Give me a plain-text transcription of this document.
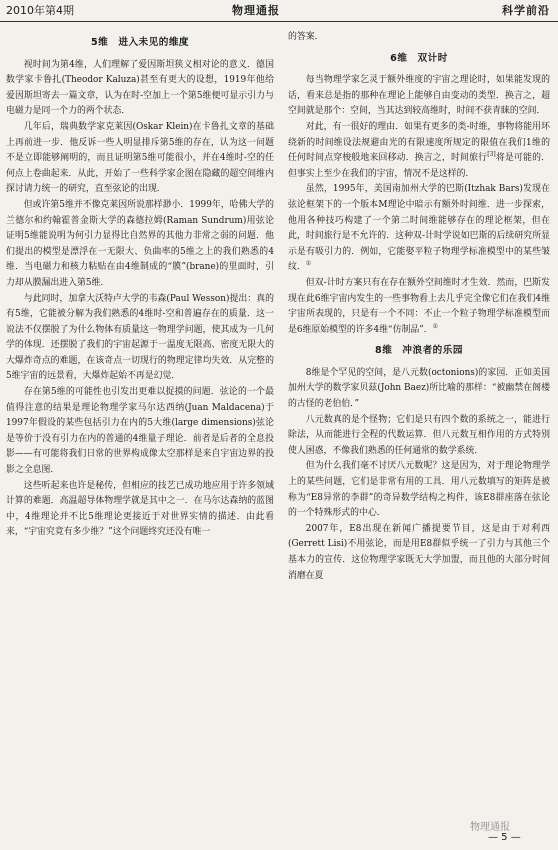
2010年第4期	物理通报	科学前沿
5维　进入未见的维度

视时间为第4维，人们理解了爱因斯坦狭义相对论的意义．德国数学家卡鲁扎(Theodor Kaluza)甚至有更大的设想，1919年他给爱因斯坦寄去一篇文章，认为在时-空加上一个第5维便可显示引力与电磁力是同一个力的两个状态．

几年后，瑞典数学家克莱因(Oskar Klein)在卡鲁扎文章的基础上再前进一步．他反诉一些人明显排斥第5维的存在，认为这一问题不是立即能够阐明的，而且证明第5维可能很小，并在4维时-空的任何点上卷曲起来．从此，开始了一些科学家企图在隐藏的超空间维内探讨请力统一的研究，直至弦论的出现．

但或许第5维并不像克莱因所说那样渺小．1999年，哈佛大学的兰德尔和约翰霍普金斯大学的森德拉姆(Raman Sundrum)用弦论证明5维能说明为何引力显得比自然界的其他力非常之弱的问题．他们提出的模型是漂浮在一无限大、负曲率的5维之上的我们熟悉的4维．当电磁力和核力粘贴在由4维制成的“膜”(brane)的里面时，引力却从膜漏出进入第5维．

与此同时，加拿大沃特卢大学的韦森(Paul Wesson)提出：真的有5维，它能被分解为我们熟悉的4维时-空和普遍存在的质量．这一说法不仅摆脱了为什么物体有质量这一物理学问题，使其成为一几何学的体现．还摆脱了我们的宇宙起源于一温度无限高、密度无限大的大爆炸奇点的难题，在该奇点一切现行的物理定律均失效．从完整的5维宇宙的远景看，大爆炸起始不再是幻觉．

存在第5维的可能性也引发出更难以捉摸的问题．弦论的一个最值得注意的结果是理论物理学家马尔达西纳(Juan Maldacena)于1997年假设的某些包括引力在内的5大维(large dimensions)弦论是等价于没有引力在内的普通的4维量子理论．前者是后者的全息投影——有可能将我们日常的世界构成像太空那样是来自宇宙边界的投影之全息图．

这些听起来也许是秘传，但相应的技艺已成功地应用于许多领域计算的难题．高温超导体物理学就是其中之一．在马尔达森纳的蓝图中，4维理论并不比5维理论更接近于对世界实情的描述．由此看来，“宇宙究竟有多少维？”这个问题终究还没有唯一

的答案．

6维　双计时

每当物理学家乞灵于额外维度的宇宙之理论时，如果能发现的话，看来总是指的那种在理论上能够自由变动的类型．换言之，超空间就是那个：空间，当其达到较高维时，时间不获青睐的空间．

对此，有一很好的理由．如果有更多的类-时维，事物将能用环绕新的时间维设法规避由光的有限速度所规定的限值在我们1维的任何时间点穿梭般地来回移动．换言之，时间旅行[3]将是可能的．但事实上至少在我们的宇宙，情况不是这样的．

虽然，1995年，美国南加州大学的巴斯(Itzhak Bars)发现在弦论框架下的一个版本M理论中暗示有额外时间维．进一步探索，他用各种技巧构建了一个第二时间维能够存在的理论框架，但在此，时间旅行是不允许的．这种双-计时学说如巴斯的后续研究所显示是有吸引力的．例如，它能娶平粒子物理学标准模型中的某些皱纹．①

但双-计时方案只有在存在额外空间维时才生效．然而，巴斯发现在此6维宇宙内发生的一些事物看上去几乎完全像它们在我们4维宇宙所表现的，只是有一个不同：不止一个粒子物理学标准模型而是6维原始模型的许多4维“仿制品”．①

8维　冲浪者的乐园

8维是个罕见的空间，是八元数(octonions)的家园．正如美国加州大学的数学家贝兹(John Baez)所比喻的那样：“被幽禁在阁楼的古怪的老伯伯．”

八元数真的是个怪物；它们是只有四个数的系统之一，能进行除法，从而能进行全程的代数运算．但八元数互相作用的方式特别使人困惑，不像我们熟悉的任何通常的数学系统．

但为什么我们毫不讨厌八元数呢？这是因为，对于理论物理学上的某些问题，它们是非常有用的工具．用八元数填写的矩阵是被称为“E8异常的李群”的奇异数学结构之构件，该E8群座落在弦论的一个特殊形式的中心．

2007年，E8出现在新闻广播提要节目，这是由于对利西(Gerrett Lisi)不用弦论，而是用E8群似乎统一了引力与其他三个基本力的宣传．这位物理学家既无大学加盟，而且他的大部分时间消磨在夏

物理通报
— 5 —
